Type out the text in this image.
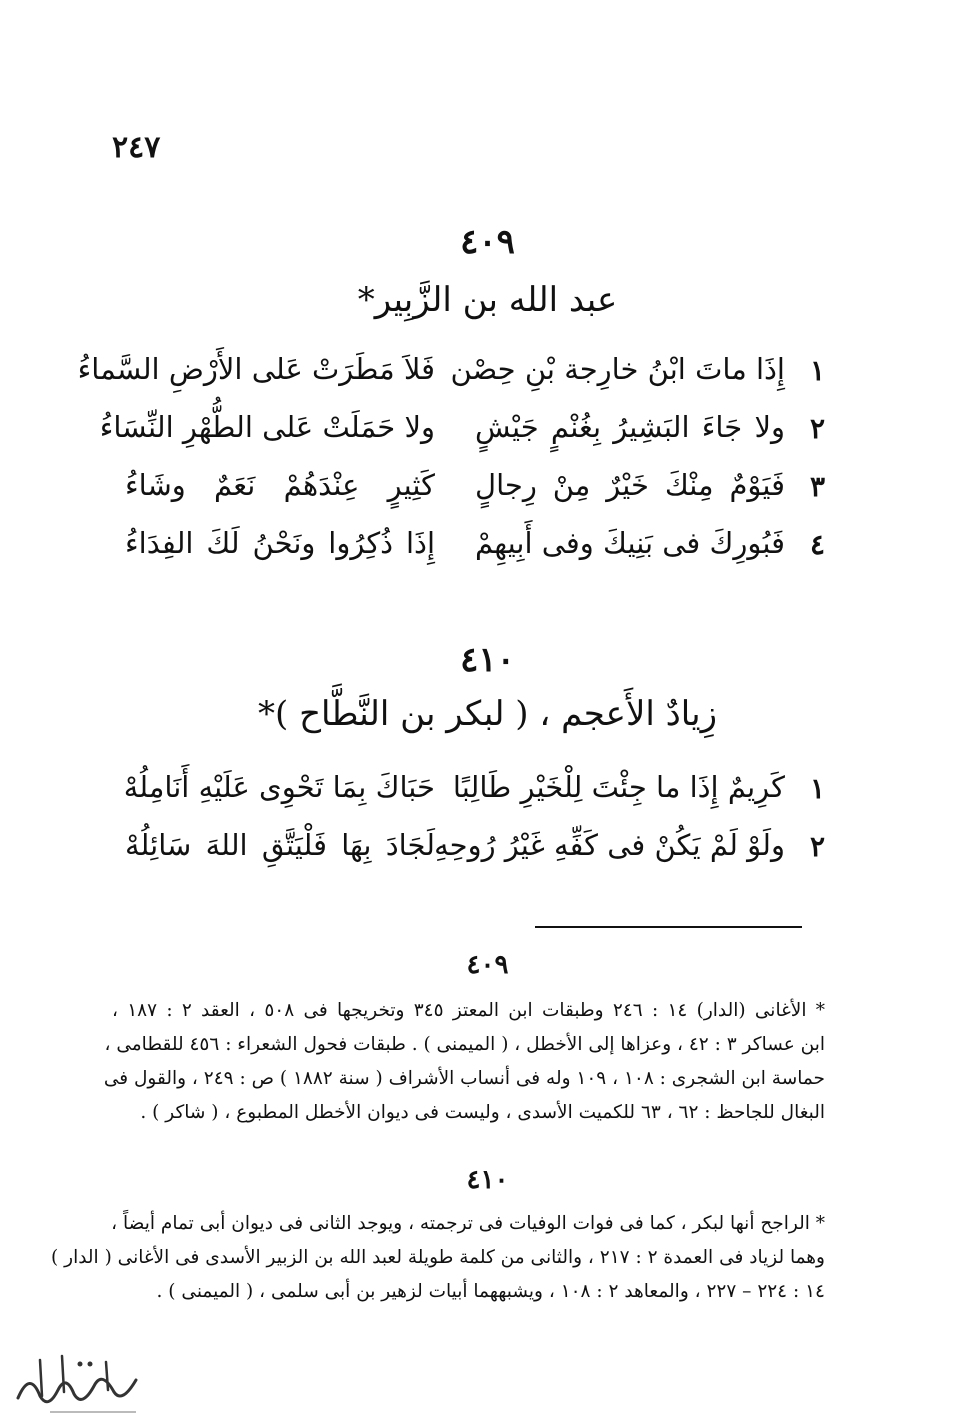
٢٤٧
٤٠٩
عبد الله بن الزَّبِير*
١
إِذَا ماتَ ابْنُ خارِجة بْنِ حِصْن
فَلاَ مَطَرَتْ عَلى الأَرْضِ السَّماءُ
٢
ولا جَاءَ البَشِيرُ بِغُنْمٍ جَيْشٍ
ولا حَمَلَتْ عَلى الطُّهْرِ النِّسَاءُ
٣
فَيَوْمٌ مِنْكَ خَيْرٌ مِنْ رِجالٍ
كَثِيرٍ عِنْدَهُمْ نَعَمٌ وشَاءُ
٤
فَبُورِكَ فى بَنِيكَ وفى أَبِيهِمْ
إِذَا ذُكِرُوا ونَحْنُ لَكَ الفِدَاءُ
٤١٠
زِيادٌ الأَعجم ، ( لبكر بن النَّطَّاح )*
١
كَرِيمٌ إِذَا ما جِئْتَ لِلْخَيْرِ طَالِبًا
حَبَاكَ بِمَا تَحْوِى عَلَيْهِ أَنَامِلُهْ
٢
ولَوْ لَمْ يَكُنْ فى كَفِّهِ غَيْرُ رُوحِهِ
لَجَادَ بِهَا فَلْيَتَّقِ اللهَ سَائِلُهْ
٤٠٩
* الأغانى (الدار) ١٤ : ٢٤٦ وطبقات ابن المعتز ٣٤٥ وتخريجها فى ٥٠٨ ، العقد ٢ : ١٨٧ ،
ابن عساكر ٣ : ٤٢ ، وعزاها إلى الأخطل ، ( الميمنى ) . طبقات فحول الشعراء : ٤٥٦ للقطامى ،
حماسة ابن الشجرى : ١٠٨ ، ١٠٩ وله فى أنساب الأشراف ( سنة ١٨٨٢ ) ص : ٢٤٩ ، والقول فى
البغال للجاحظ : ٦٢ ، ٦٣ للكميت الأسدى ، وليست فى ديوان الأخطل المطبوع ، ( شاكر ) .
٤١٠
* الراجح أنها لبكر ، كما فى فوات الوفيات فى ترجمته ، ويوجد الثانى فى ديوان أبى تمام أيضاً ،
وهما لزياد فى العمدة ٢ : ٢١٧ ، والثانى من كلمة طويلة لعبد الله بن الزبير الأسدى فى الأغانى ( الدار )
١٤ : ٢٢٤ – ٢٢٧ ، والمعاهد ٢ : ١٠٨ ، ويشبههما أبيات لزهير بن أبى سلمى ، ( الميمنى ) .
